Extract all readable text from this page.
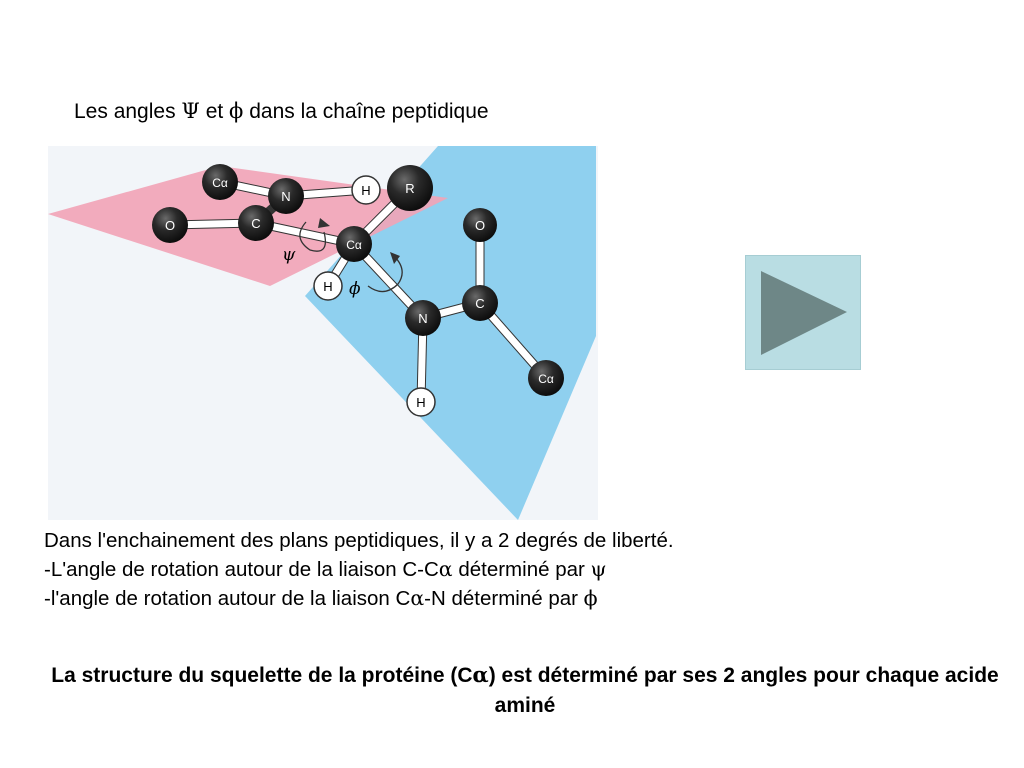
Les angles Ψ et ϕ dans la chaîne peptidique
Cα
N	H	R
O	C
Cα
H
O
C
N
H
Cα
ψ
ϕ
Dans l'enchainement des plans peptidiques, il y a 2 degrés de liberté.
-L'angle de rotation autour de la liaison C-Cα déterminé par ψ
-l'angle de rotation autour de la liaison Cα-N déterminé par ϕ
La structure du squelette de la protéine (Cα) est déterminé par ses 2 angles pour chaque acide aminé
